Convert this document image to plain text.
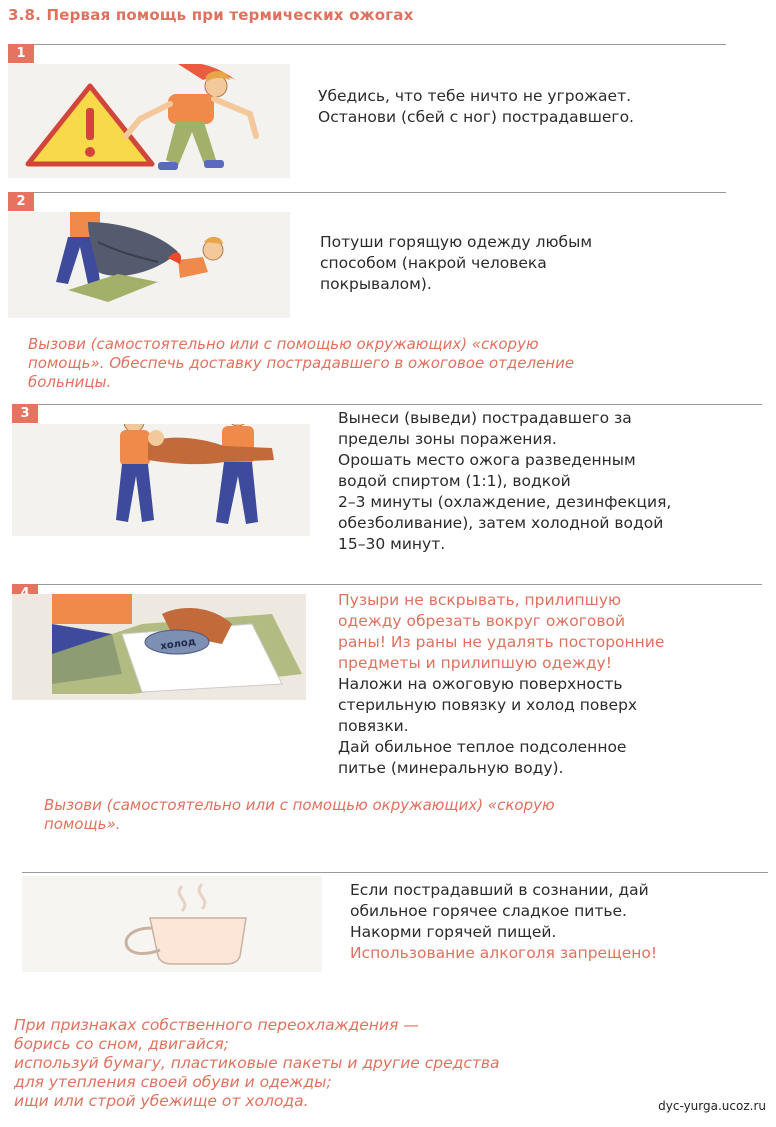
3.8. Первая помощь при термических ожогах
1

Убедись, что тебе ничто не угрожает.

Останови (сбей с ног) пострадавшего.

2

Потуши горящую одежду любым

способом (накрой человека

покрывалом).

Вызови (самостоятельно или с помощью окружающих) «скорую

помощь». Обеспечь доставку пострадавшего в ожоговое отделение

больницы.

3	Вынеси (выведи) пострадавшего за

пределы зоны поражения.

Орошать место ожога разведенным

водой спиртом (1:1), водкой

2–3 минуты (охлаждение, дезинфекция,

обезболивание), затем холодной водой

15–30 минут.

холод

Пузыри не вскрывать, прилипшую

одежду обрезать вокруг ожоговой

раны! Из раны не удалять посторонние

предметы и прилипшую одежду!

Наложи на ожоговую поверхность

стерильную повязку и холод поверх

повязки.

Дай обильное теплое подсоленное

питье (минеральную воду).

Вызови (самостоятельно или с помощью окружающих) «скорую

помощь».

Если пострадавший в сознании, дай

обильное горячее сладкое питье.

Накорми горячей пищей.

Использование алкоголя запрещено!

При признаках собственного переохлаждения —

борись со сном, двигайся;

используй бумагу, пластиковые пакеты и другие средства

для утепления своей обуви и одежды;

ищи или строй убежище от холода.	dyc-yurga.ucoz.ru
